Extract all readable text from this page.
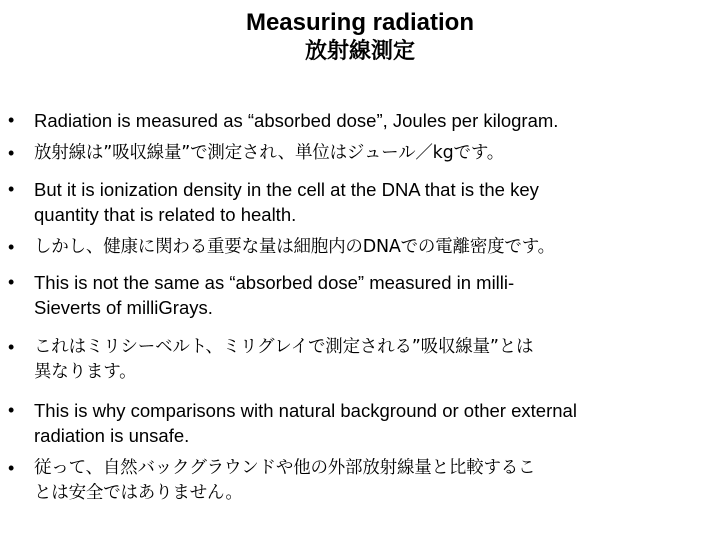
Measuring radiation
放射線測定
•	Radiation is measured as “absorbed dose”, Joules per kilogram.
•	放射線は”吸収線量”で測定され、単位はジュール／kgです。
•	But it is ionization density in the cell at the DNA that is the key
quantity that is related to health.
•	しかし、健康に関わる重要な量は細胞内のDNAでの電離密度です。
•	This is not the same as “absorbed dose” measured in milli-
Sieverts of milliGrays.
•	これはミリシーベルト、ミリグレイで測定される”吸収線量”とは
異なります。
•	This is why comparisons with natural background or other external
radiation is unsafe.
•	従って、自然バックグラウンドや他の外部放射線量と比較するこ
とは安全ではありません。
